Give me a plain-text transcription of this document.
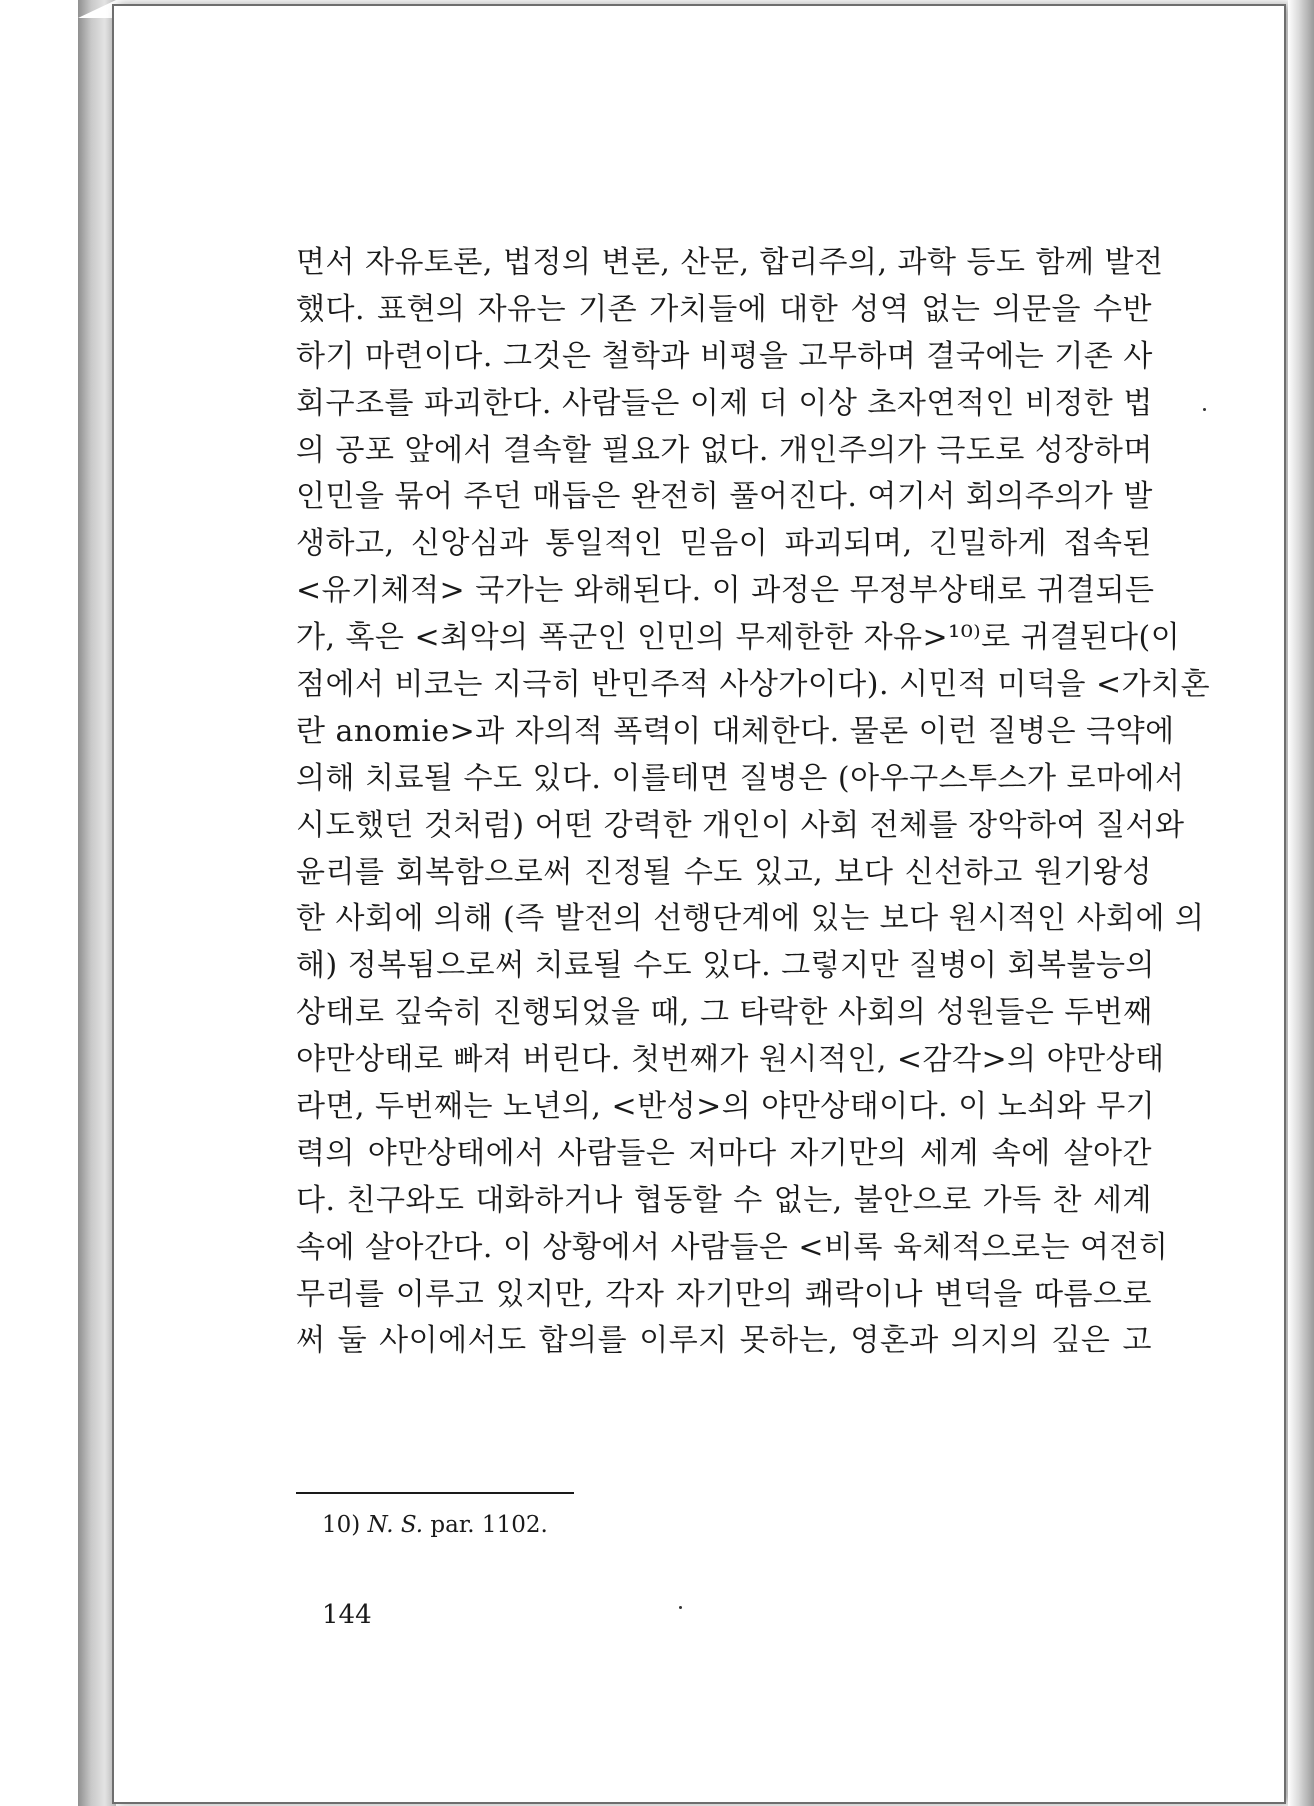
면서 자유토론, 법정의 변론, 산문, 합리주의, 과학 등도 함께 발전
했다. 표현의 자유는 기존 가치들에 대한 성역 없는 의문을 수반
하기 마련이다. 그것은 철학과 비평을 고무하며 결국에는 기존 사
회구조를 파괴한다. 사람들은 이제 더 이상 초자연적인 비정한 법
의 공포 앞에서 결속할 필요가 없다. 개인주의가 극도로 성장하며
인민을 묶어 주던 매듭은 완전히 풀어진다. 여기서 회의주의가 발
생하고, 신앙심과 통일적인 믿음이 파괴되며, 긴밀하게 접속된
<유기체적> 국가는 와해된다. 이 과정은 무정부상태로 귀결되든
가, 혹은 <최악의 폭군인 인민의 무제한한 자유>¹⁰⁾로 귀결된다(이
점에서 비코는 지극히 반민주적 사상가이다). 시민적 미덕을 <가치혼
란 anomie>과 자의적 폭력이 대체한다. 물론 이런 질병은 극약에
의해 치료될 수도 있다. 이를테면 질병은 (아우구스투스가 로마에서
시도했던 것처럼) 어떤 강력한 개인이 사회 전체를 장악하여 질서와
윤리를 회복함으로써 진정될 수도 있고, 보다 신선하고 원기왕성
한 사회에 의해 (즉 발전의 선행단계에 있는 보다 원시적인 사회에 의
해) 정복됨으로써 치료될 수도 있다. 그렇지만 질병이 회복불능의
상태로 깊숙히 진행되었을 때, 그 타락한 사회의 성원들은 두번째
야만상태로 빠져 버린다. 첫번째가 원시적인, <감각>의 야만상태
라면, 두번째는 노년의, <반성>의 야만상태이다. 이 노쇠와 무기
력의 야만상태에서 사람들은 저마다 자기만의 세계 속에 살아간
다. 친구와도 대화하거나 협동할 수 없는, 불안으로 가득 찬 세계
속에 살아간다. 이 상황에서 사람들은 <비록 육체적으로는 여전히
무리를 이루고 있지만, 각자 자기만의 쾌락이나 변덕을 따름으로
써 둘 사이에서도 합의를 이루지 못하는, 영혼과 의지의 깊은 고
10) N. S. par. 1102.
144
